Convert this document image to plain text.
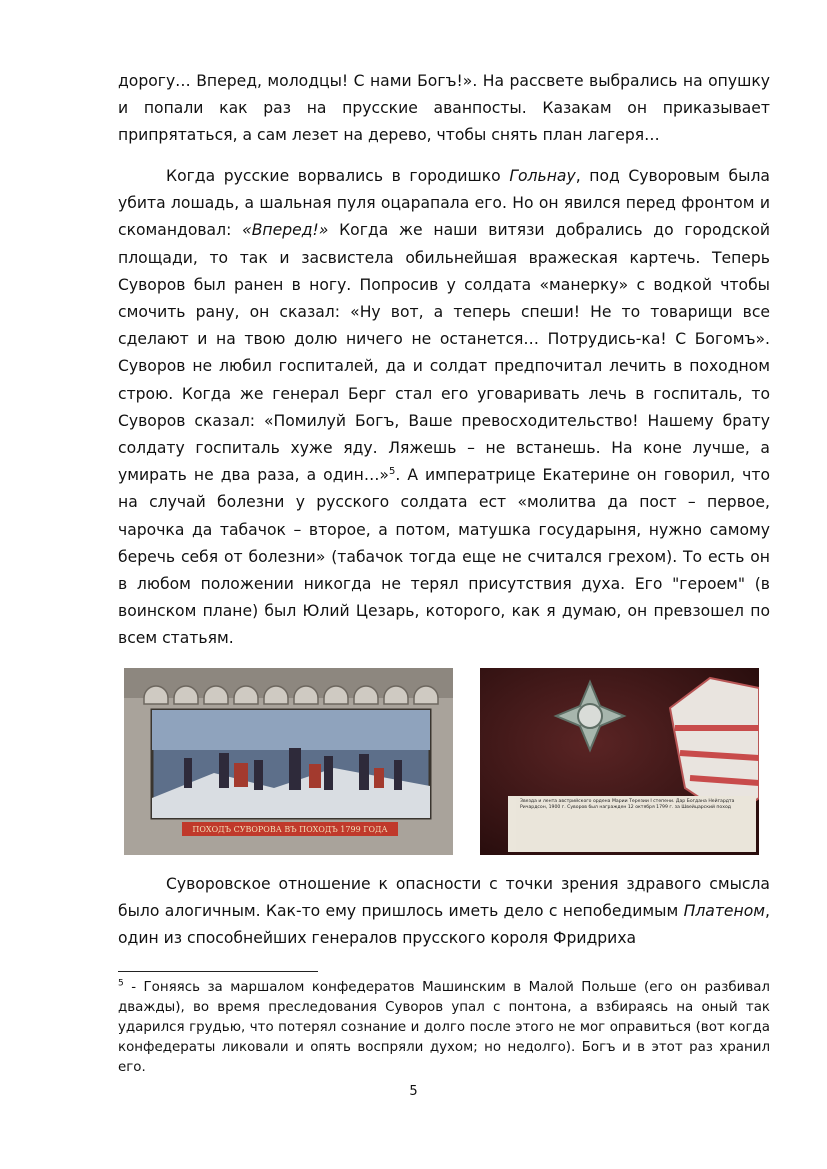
дорогу… Вперед, молодцы! С нами Богъ!». На рассвете выбрались на опушку и попали как раз на прусские аванпосты. Казакам он приказывает припрятаться, а сам лезет на дерево, чтобы снять план лагеря…

Когда русские ворвались в городишко Гольнау, под Суворовым была убита лошадь, а шальная пуля оцарапала его. Но он явился перед фронтом и скомандовал: «Вперед!» Когда же наши витязи добрались до городской площади, то так и засвистела обильнейшая вражеская картечь. Теперь Суворов был ранен в ногу. Попросив у солдата «манерку» с водкой чтобы смочить рану, он сказал: «Ну вот, а теперь спеши! Не то товарищи все сделают и на твою долю ничего не останется… Потрудись-ка! С Богомъ». Суворов не любил госпиталей, да и солдат предпочитал лечить в походном строю. Когда же генерал Берг стал его уговаривать лечь в госпиталь, то Суворов сказал: «Помилуй Богъ, Ваше превосходительство! Нашему брату солдату госпиталь хуже яду. Ляжешь – не встанешь. На коне лучше, а умирать не два раза, а один…»$^5$. А императрице Екатерине он говорил, что на случай болезни у русского солдата ест «молитва да пост – первое, чарочка да табачок – второе, а потом, матушка государыня, нужно самому беречь себя от болезни» (табачок тогда еще не считался грехом). То есть он в любом положении никогда не терял присутствия духа. Его "героем" (в воинском плане) был Юлий Цезарь, которого, как я думаю, он превзошел по всем статьям.

ПОХОДЪ СУВОРОВА ВЪ ПОХОДЪ 1799 ГОДА
Звезда и лента австрийского ордена Марии Терезии I степени. Дар Богдана Нейгардта Ричардсон, 1900 г. Суворов был награжден 12 октября 1799 г. за Швейцарский поход

Суворовское отношение к опасности с точки зрения здравого смысла было алогичным. Как-то ему пришлось иметь дело с непобедимым Платеном, один из способнейших генералов прусского короля Фридриха

$^5$ - Гоняясь за маршалом конфедератов Машинским в Малой Польше (его он разбивал дважды), во время преследования Суворов упал с понтона, а взбираясь на оный так ударился грудью, что потерял сознание и долго после этого не мог оправиться (вот когда конфедераты ликовали и опять воспряли духом; но недолго). Богъ и в этот раз хранил его.

5
